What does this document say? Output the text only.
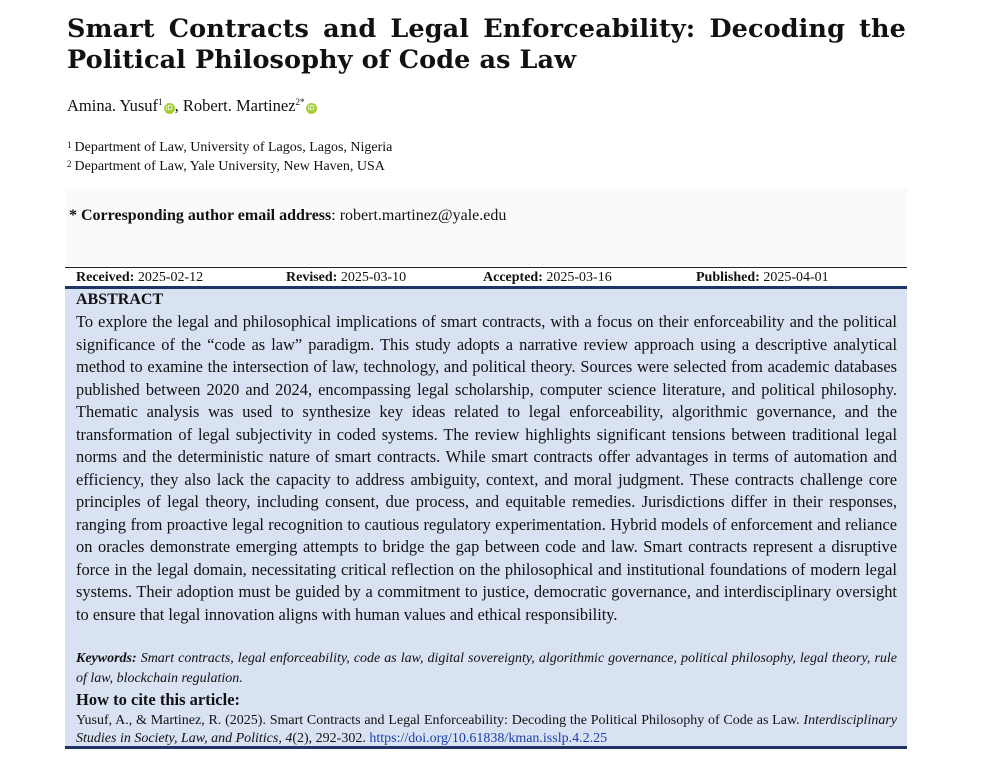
Smart Contracts and Legal Enforceability: Decoding the Political Philosophy of Code as Law
Amina. Yusuf$^1$iD , Robert. Martinez$^{2*}$iD
$^1$ Department of Law, University of Lagos, Lagos, Nigeria
$^2$ Department of Law, Yale University, New Haven, USA
* Corresponding author email address: robert.martinez@yale.edu
Received: 2025-02-12	Revised: 2025-03-10	Accepted: 2025-03-16	Published: 2025-04-01
ABSTRACT
To explore the legal and philosophical implications of smart contracts, with a focus on their enforceability and the political significance of the “code as law” paradigm. This study adopts a narrative review approach using a descriptive analytical method to examine the intersection of law, technology, and political theory. Sources were selected from academic databases published between 2020 and 2024, encompassing legal scholarship, computer science literature, and political philosophy. Thematic analysis was used to synthesize key ideas related to legal enforceability, algorithmic governance, and the transformation of legal subjectivity in coded systems. The review highlights significant tensions between traditional legal norms and the deterministic nature of smart contracts. While smart contracts offer advantages in terms of automation and efficiency, they also lack the capacity to address ambiguity, context, and moral judgment. These contracts challenge core principles of legal theory, including consent, due process, and equitable remedies. Jurisdictions differ in their responses, ranging from proactive legal recognition to cautious regulatory experimentation. Hybrid models of enforcement and reliance on oracles demonstrate emerging attempts to bridge the gap between code and law. Smart contracts represent a disruptive force in the legal domain, necessitating critical reflection on the philosophical and institutional foundations of modern legal systems. Their adoption must be guided by a commitment to justice, democratic governance, and interdisciplinary oversight to ensure that legal innovation aligns with human values and ethical responsibility.
Keywords: Smart contracts, legal enforceability, code as law, digital sovereignty, algorithmic governance, political philosophy, legal theory, rule of law, blockchain regulation.
How to cite this article:
Yusuf, A., & Martinez, R. (2025). Smart Contracts and Legal Enforceability: Decoding the Political Philosophy of Code as Law. Interdisciplinary Studies in Society, Law, and Politics, 4(2), 292-302. https://doi.org/10.61838/kman.isslp.4.2.25
